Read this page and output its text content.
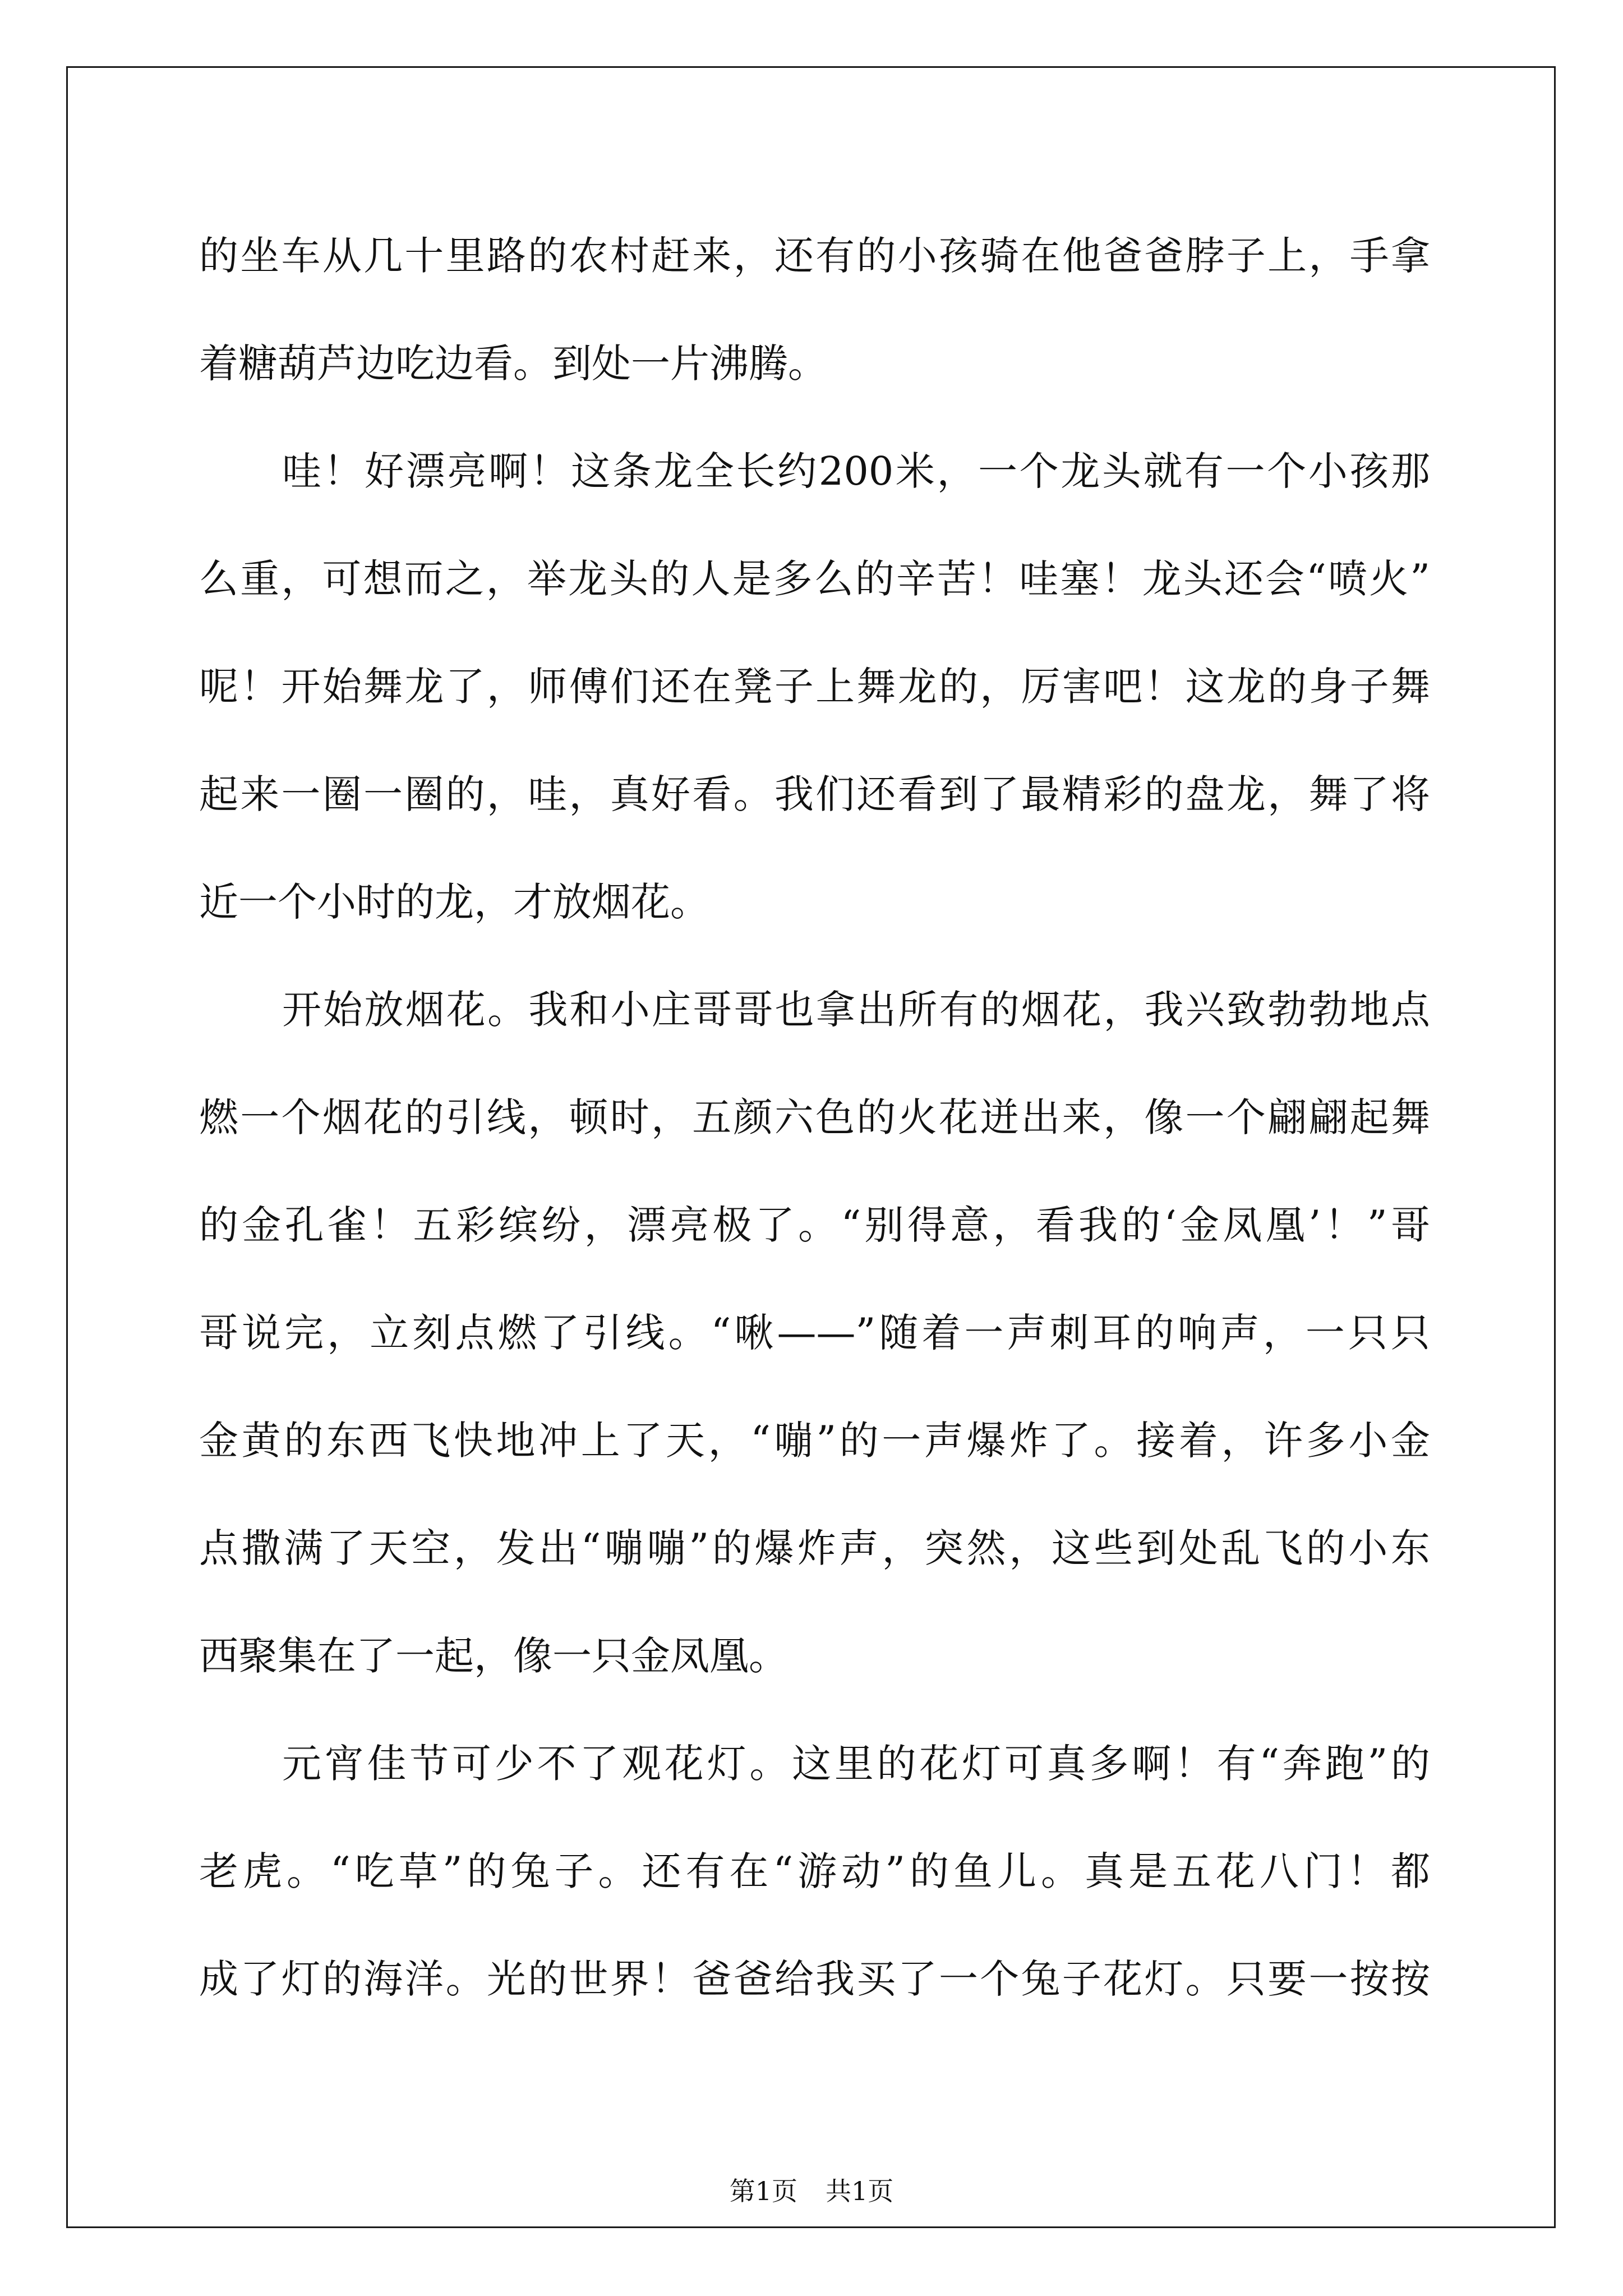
的坐车从几十里路的农村赶来，还有的小孩骑在他爸爸脖子上，手拿
着糖葫芦边吃边看。到处一片沸腾。
哇！好漂亮啊！这条龙全长约200米，一个龙头就有一个小孩那
么重，可想而之，举龙头的人是多么的辛苦！哇塞！龙头还会“喷火”
呢！开始舞龙了，师傅们还在凳子上舞龙的，厉害吧！这龙的身子舞
起来一圈一圈的，哇，真好看。我们还看到了最精彩的盘龙，舞了将
近一个小时的龙，才放烟花。
开始放烟花。我和小庄哥哥也拿出所有的烟花，我兴致勃勃地点
燃一个烟花的引线，顿时，五颜六色的火花迸出来，像一个翩翩起舞
的金孔雀！五彩缤纷，漂亮极了。“别得意，看我的‘金凤凰’！”哥
哥说完，立刻点燃了引线。“啾——”随着一声刺耳的响声，一只只
金黄的东西飞快地冲上了天，“嘣”的一声爆炸了。接着，许多小金
点撒满了天空，发出“嘣嘣”的爆炸声，突然，这些到处乱飞的小东
西聚集在了一起，像一只金凤凰。
元宵佳节可少不了观花灯。这里的花灯可真多啊！有“奔跑”的
老虎。“吃草”的兔子。还有在“游动”的鱼儿。真是五花八门！都
成了灯的海洋。光的世界！爸爸给我买了一个兔子花灯。只要一按按
第1页 共1页
